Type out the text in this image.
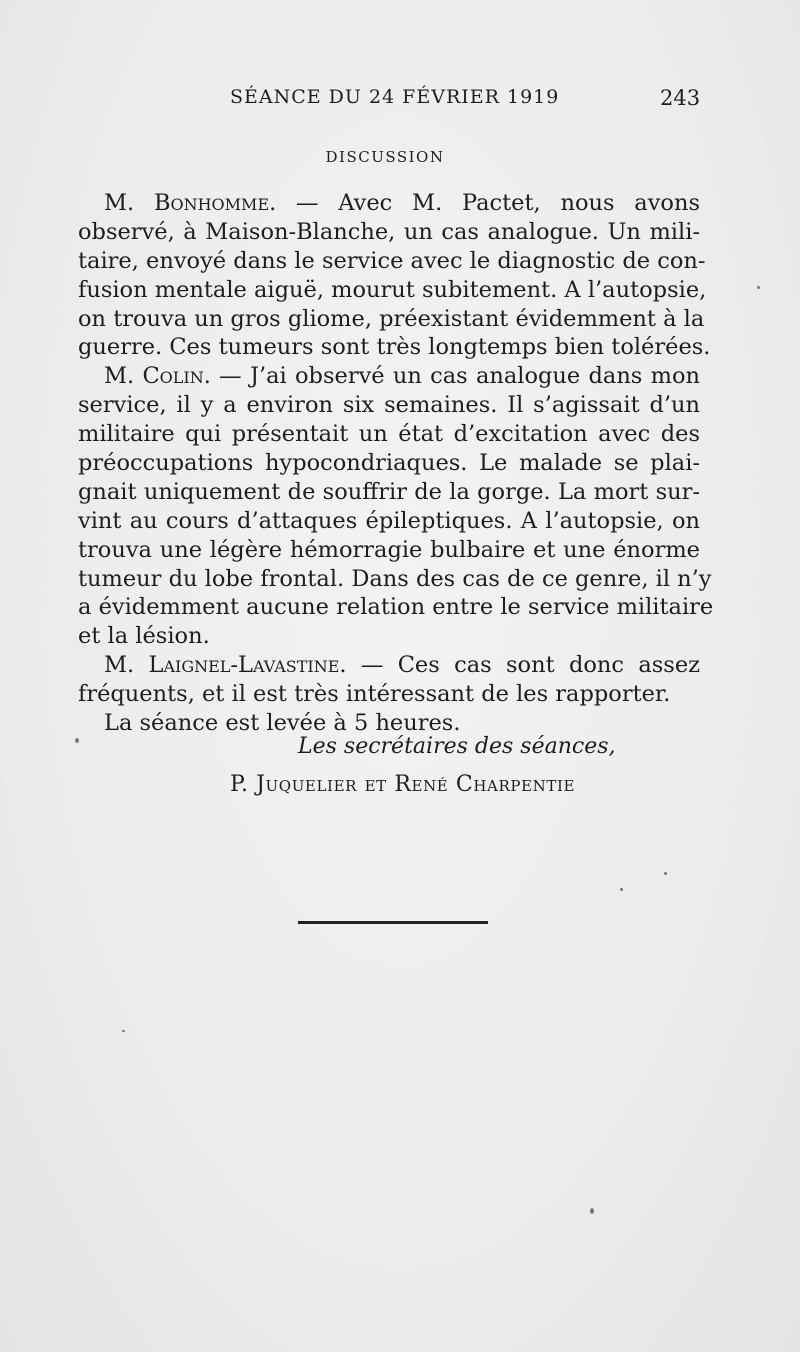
SÉANCE DU 24 FÉVRIER 1919	243
DISCUSSION
M. Bonhomme. — Avec M. Pactet, nous avons
observé, à Maison-Blanche, un cas analogue. Un mili-
taire, envoyé dans le service avec le diagnostic de con-
fusion mentale aiguë, mourut subitement. A l’autopsie,
on trouva un gros gliome, préexistant évidemment à la
guerre. Ces tumeurs sont très longtemps bien tolérées.
M. Colin. — J’ai observé un cas analogue dans mon
service, il y a environ six semaines. Il s’agissait d’un
militaire qui présentait un état d’excitation avec des
préoccupations hypocondriaques. Le malade se plai-
gnait uniquement de souffrir de la gorge. La mort sur-
vint au cours d’attaques épileptiques. A l’autopsie, on
trouva une légère hémorragie bulbaire et une énorme
tumeur du lobe frontal. Dans des cas de ce genre, il n’y
a évidemment aucune relation entre le service militaire
et la lésion.
M. Laignel-Lavastine. — Ces cas sont donc assez
fréquents, et il est très intéressant de les rapporter.
La séance est levée à 5 heures.
Les secrétaires des séances,
P. Juquelier et René Charpentie
